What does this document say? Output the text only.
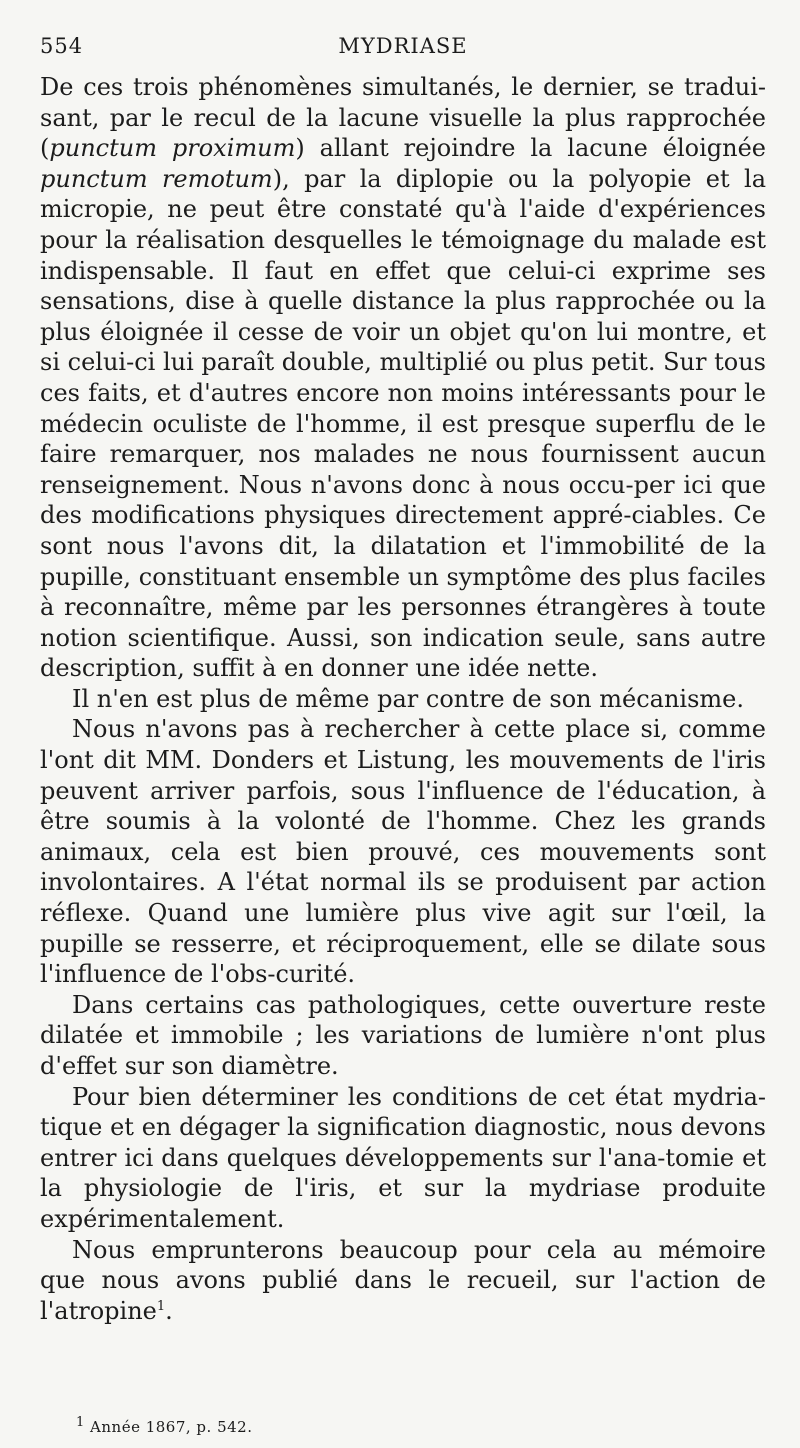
554	MYDRIASE

De ces trois phénomènes simultanés, le dernier, se tradui-sant, par le recul de la lacune visuelle la plus rapprochée (punctum proximum) allant rejoindre la lacune éloignée punctum remotum), par la diplopie ou la polyopie et la micropie, ne peut être constaté qu'à l'aide d'expériences pour la réalisation desquelles le témoignage du malade est indispensable. Il faut en effet que celui-ci exprime ses sensations, dise à quelle distance la plus rapprochée ou la plus éloignée il cesse de voir un objet qu'on lui montre, et si celui-ci lui paraît double, multiplié ou plus petit. Sur tous ces faits, et d'autres encore non moins intéressants pour le médecin oculiste de l'homme, il est presque superflu de le faire remarquer, nos malades ne nous fournissent aucun renseignement. Nous n'avons donc à nous occu-per ici que des modifications physiques directement appré-ciables. Ce sont nous l'avons dit, la dilatation et l'immobilité de la pupille, constituant ensemble un symptôme des plus faciles à reconnaître, même par les personnes étrangères à toute notion scientifique. Aussi, son indication seule, sans autre description, suffit à en donner une idée nette.

Il n'en est plus de même par contre de son mécanisme.

Nous n'avons pas à rechercher à cette place si, comme l'ont dit MM. Donders et Listung, les mouvements de l'iris peuvent arriver parfois, sous l'influence de l'éducation, à être soumis à la volonté de l'homme. Chez les grands animaux, cela est bien prouvé, ces mouvements sont involontaires. A l'état normal ils se produisent par action réflexe. Quand une lumière plus vive agit sur l'œil, la pupille se resserre, et réciproquement, elle se dilate sous l'influence de l'obs-curité.

Dans certains cas pathologiques, cette ouverture reste dilatée et immobile ; les variations de lumière n'ont plus d'effet sur son diamètre.

Pour bien déterminer les conditions de cet état mydria-tique et en dégager la signification diagnostic, nous devons entrer ici dans quelques développements sur l'ana-tomie et la physiologie de l'iris, et sur la mydriase produite expérimentalement.

Nous emprunterons beaucoup pour cela au mémoire que nous avons publié dans le recueil, sur l'action de l'atropine$^1$.

$^1$ Année 1867, p. 542.
